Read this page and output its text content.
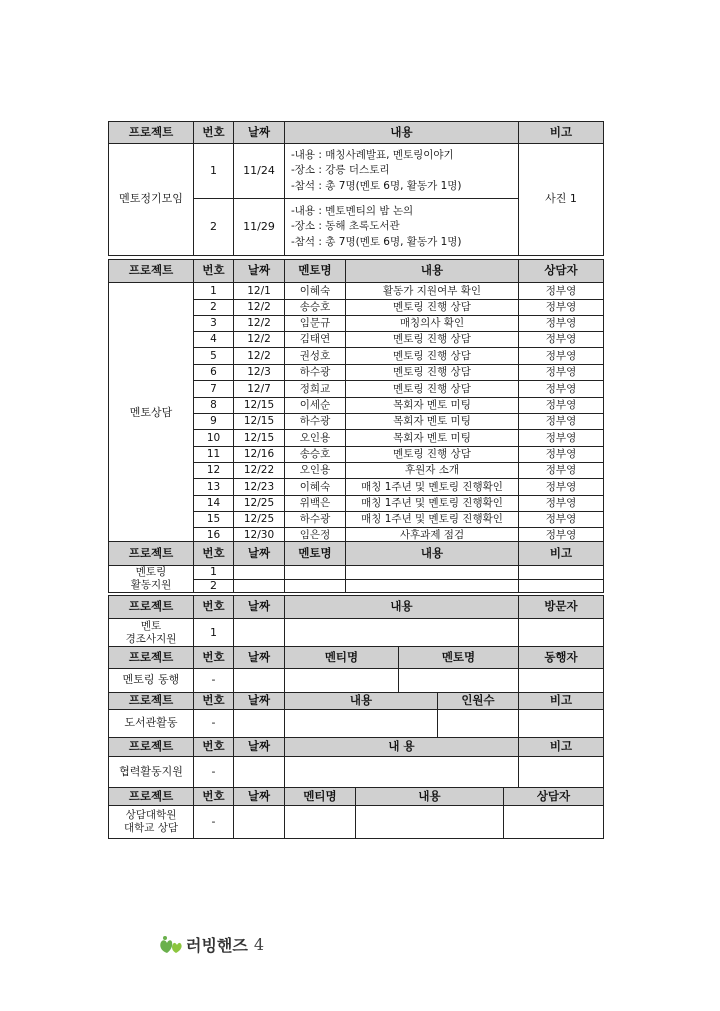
프로젝트	번호	날짜	내용	비고
멘토정기모임	1	11/24	-내용 : 매칭사례발표, 멘토링이야기
-장소 : 강릉 더스토리
-참석 : 총 7명(멘토 6명, 활동가 1명)	사진 1
	2	11/29	-내용 : 멘토멘티의 밤 논의
-장소 : 동해 초록도서관
-참석 : 총 7명(멘토 6명, 활동가 1명)	
프로젝트	번호	날짜	멘토명	내용	상담자
멘토상담	1	12/1	이혜숙	활동가 지원여부 확인	정부영
	2	12/2	송승호	멘토링 진행 상담	정부영
	3	12/2	임문규	매칭의사 확인	정부영
	4	12/2	김태연	멘토링 진행 상담	정부영
	5	12/2	권성호	멘토링 진행 상담	정부영
	6	12/3	하수광	멘토링 진행 상담	정부영
	7	12/7	정희교	멘토링 진행 상담	정부영
	8	12/15	이세순	목회자 멘토 미팅	정부영
	9	12/15	하수광	목회자 멘토 미팅	정부영
	10	12/15	오인용	목회자 멘토 미팅	정부영
	11	12/16	송승호	멘토링 진행 상담	정부영
	12	12/22	오인용	후원자 소개	정부영
	13	12/23	이혜숙	매칭 1주년 및 멘토링 진행확인	정부영
	14	12/25	위백은	매칭 1주년 및 멘토링 진행확인	정부영
	15	12/25	하수광	매칭 1주년 및 멘토링 진행확인	정부영
	16	12/30	임은정	사후과제 점검	정부영
프로젝트	번호	날짜	멘토명	내용	비고

멘토링
활동지원	1				
	2				
프로젝트	번호	날짜	내용	방문자

멘토
경조사지원	1			
프로젝트	번호	날짜	멘티명	멘토명	동행자
멘토링 동행	-				
프로젝트	번호	날짜	내용	인원수	비고
도서관활동	-				
프로젝트	번호	날짜	내 용	비고
협력활동지원	-			
프로젝트	번호	날짜	멘티명	내용	상담자

상담대학원
대학교 상담	-				
러빙핸즈 4
